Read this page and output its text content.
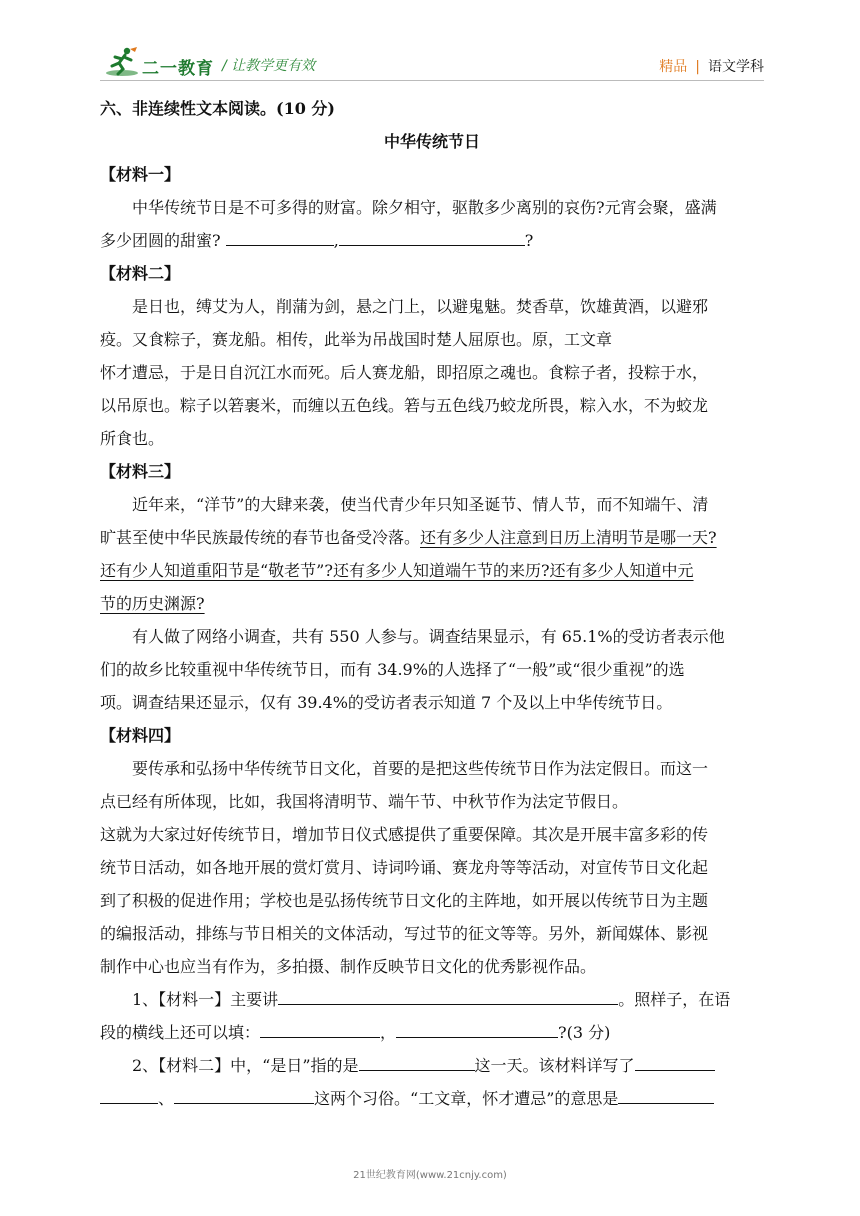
二一教育 / 让教学更有效	精品 | 语文学科

六、非连续性文本阅读。(10 分)

中华传统节日

【材料一】

中华传统节日是不可多得的财富。除夕相守，驱散多少离别的哀伤?元宵会聚，盛满
多少团圆的甜蜜?	,	?

【材料二】

是日也，缚艾为人，削蒲为剑，悬之门上，以避鬼魅。焚香草，饮雄黄酒，以避邪
疫。又食粽子，赛龙船。相传，此举为吊战国时楚人屈原也。原，工文章
怀才遭忌，于是日自沉江水而死。后人赛龙船，即招原之魂也。食粽子者，投粽于水，
以吊原也。粽子以箬裹米，而缠以五色线。箬与五色线乃蛟龙所畏，粽入水，不为蛟龙
所食也。

【材料三】

近年来，“洋节”的大肆来袭，使当代青少年只知圣诞节、情人节，而不知端午、清
旷甚至使中华民族最传统的春节也备受冷落。还有多少人注意到日历上清明节是哪一天?
还有少人知道重阳节是“敬老节”?还有多少人知道端午节的来历?还有多少人知道中元
节的历史渊源?

有人做了网络小调查，共有 550 人参与。调查结果显示，有 65.1%的受访者表示他
们的故乡比较重视中华传统节日，而有 34.9%的人选择了“一般”或“很少重视”的选
项。调查结果还显示，仅有 39.4%的受访者表示知道 7 个及以上中华传统节日。

【材料四】

要传承和弘扬中华传统节日文化，首要的是把这些传统节日作为法定假日。而这一
点已经有所体现，比如，我国将清明节、端午节、中秋节作为法定节假日。
这就为大家过好传统节日，增加节日仪式感提供了重要保障。其次是开展丰富多彩的传
统节日活动，如各地开展的赏灯赏月、诗词吟诵、赛龙舟等等活动，对宣传节日文化起
到了积极的促进作用；学校也是弘扬传统节日文化的主阵地，如开展以传统节日为主题
的编报活动，排练与节日相关的文体活动，写过节的征文等等。另外，新闻媒体、影视
制作中心也应当有作为，多拍摄、制作反映节日文化的优秀影视作品。

1、【材料一】主要讲	。照样子，在语
段的横线上还可以填：	，	?(3 分)

2、【材料二】中，“是日”指的是	这一天。该材料详写了
、	这两个习俗。“工文章，怀才遭忌”的意思是

21世纪教育网(www.21cnjy.com)
